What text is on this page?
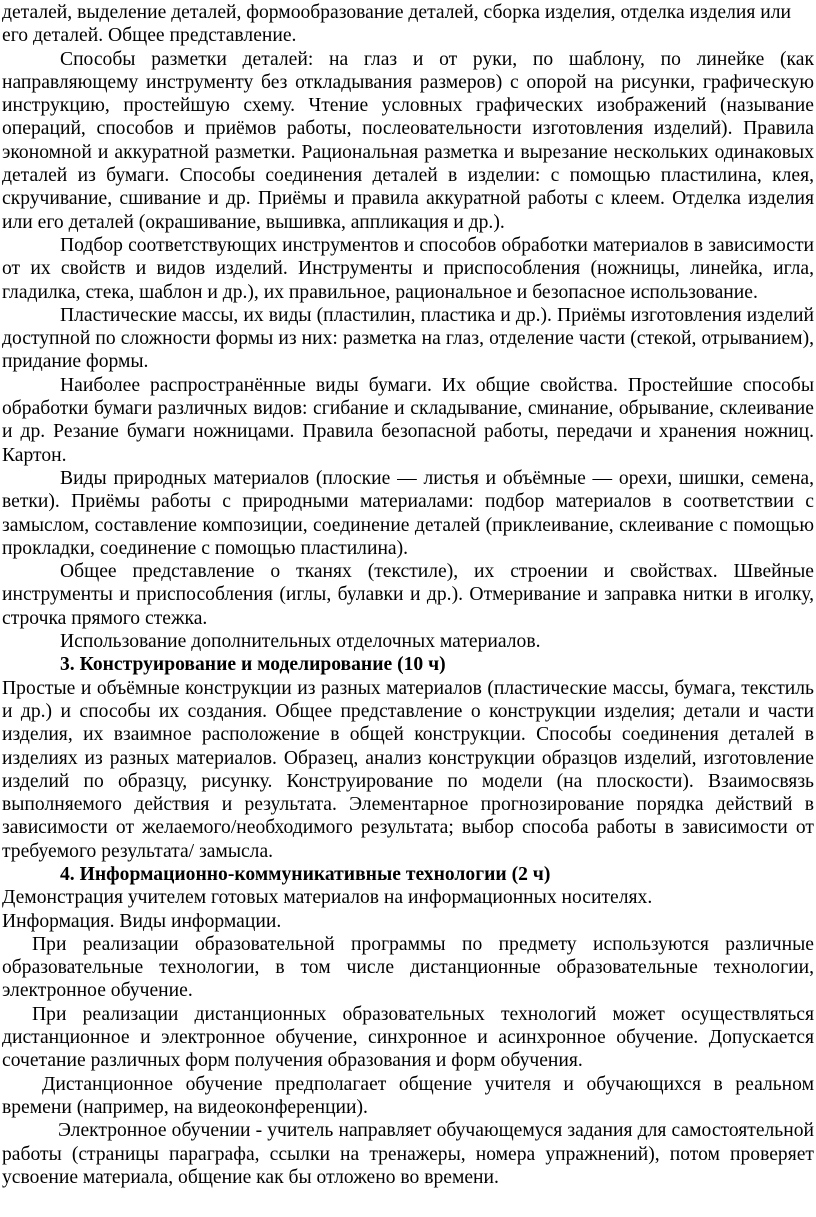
деталей, выделение деталей, формообразование деталей, сборка изделия, отделка изделия или его деталей. Общее представление.

Способы разметки деталей: на глаз и от руки, по шаблону, по линейке (как направляющему инструменту без откладывания размеров) с опорой на рисунки, графическую инструкцию, простейшую схему. Чтение условных графических изображений (называние операций, способов и приёмов работы, послеовательности изготовления изделий). Правила экономной и аккуратной разметки. Рациональная разметка и вырезание нескольких одинаковых деталей из бумаги. Способы соединения деталей в изделии: с помощью пластилина, клея, скручивание, сшивание и др. Приёмы и правила аккуратной работы с клеем. Отделка изделия или его деталей (окрашивание, вышивка, аппликация и др.).

Подбор соответствующих инструментов и способов обработки материалов в зависимости от их свойств и видов изделий. Инструменты и приспособления (ножницы, линейка, игла, гладилка, стека, шаблон и др.), их правильное, рациональное и безопасное использование.

Пластические массы, их виды (пластилин, пластика и др.). Приёмы изготовления изделий доступной по сложности формы из них: разметка на глаз, отделение части (стекой, отрыванием), придание формы.

Наиболее распространённые виды бумаги. Их общие свойства. Простейшие способы обработки бумаги различных видов: сгибание и складывание, сминание, обрывание, склеивание и др. Резание бумаги ножницами. Правила безопасной работы, передачи и хранения ножниц. Картон.

Виды природных материалов (плоские — листья и объёмные — орехи, шишки, семена, ветки). Приёмы работы с природными материалами: подбор материалов в соответствии с замыслом, составление композиции, соединение деталей (приклеивание, склеивание с помощью прокладки, соединение с помощью пластилина).

Общее представление о тканях (текстиле), их строении и свойствах. Швейные инструменты и приспособления (иглы, булавки и др.). Отмеривание и заправка нитки в иголку, строчка прямого стежка.

Использование дополнительных отделочных материалов.

3. Конструирование и моделирование (10 ч)

Простые и объёмные конструкции из разных материалов (пластические массы, бумага, текстиль и др.) и способы их создания. Общее представление о конструкции изделия; детали и части изделия, их взаимное расположение в общей конструкции. Способы соединения деталей в изделиях из разных материалов. Образец, анализ конструкции образцов изделий, изготовление изделий по образцу, рисунку. Конструирование по модели (на плоскости). Взаимосвязь выполняемого действия и результата. Элементарное прогнозирование порядка действий в зависимости от желаемого/необходимого результата; выбор способа работы в зависимости от требуемого результата/ замысла.

4. Информационно-коммуникативные технологии (2 ч)

Демонстрация учителем готовых материалов на информационных носителях.

Информация. Виды информации.

При реализации образовательной программы по предмету используются различные образовательные технологии, в том числе дистанционные образовательные технологии, электронное обучение.

При реализации дистанционных образовательных технологий может осуществляться дистанционное и электронное обучение, синхронное и асинхронное обучение. Допускается сочетание различных форм получения образования и форм обучения.

Дистанционное обучение предполагает общение учителя и обучающихся в реальном времени (например, на видеоконференции).

Электронное обучении - учитель направляет обучающемуся задания для самостоятельной работы (страницы параграфа, ссылки на тренажеры, номера упражнений), потом проверяет усвоение материала, общение как бы отложено во времени.
